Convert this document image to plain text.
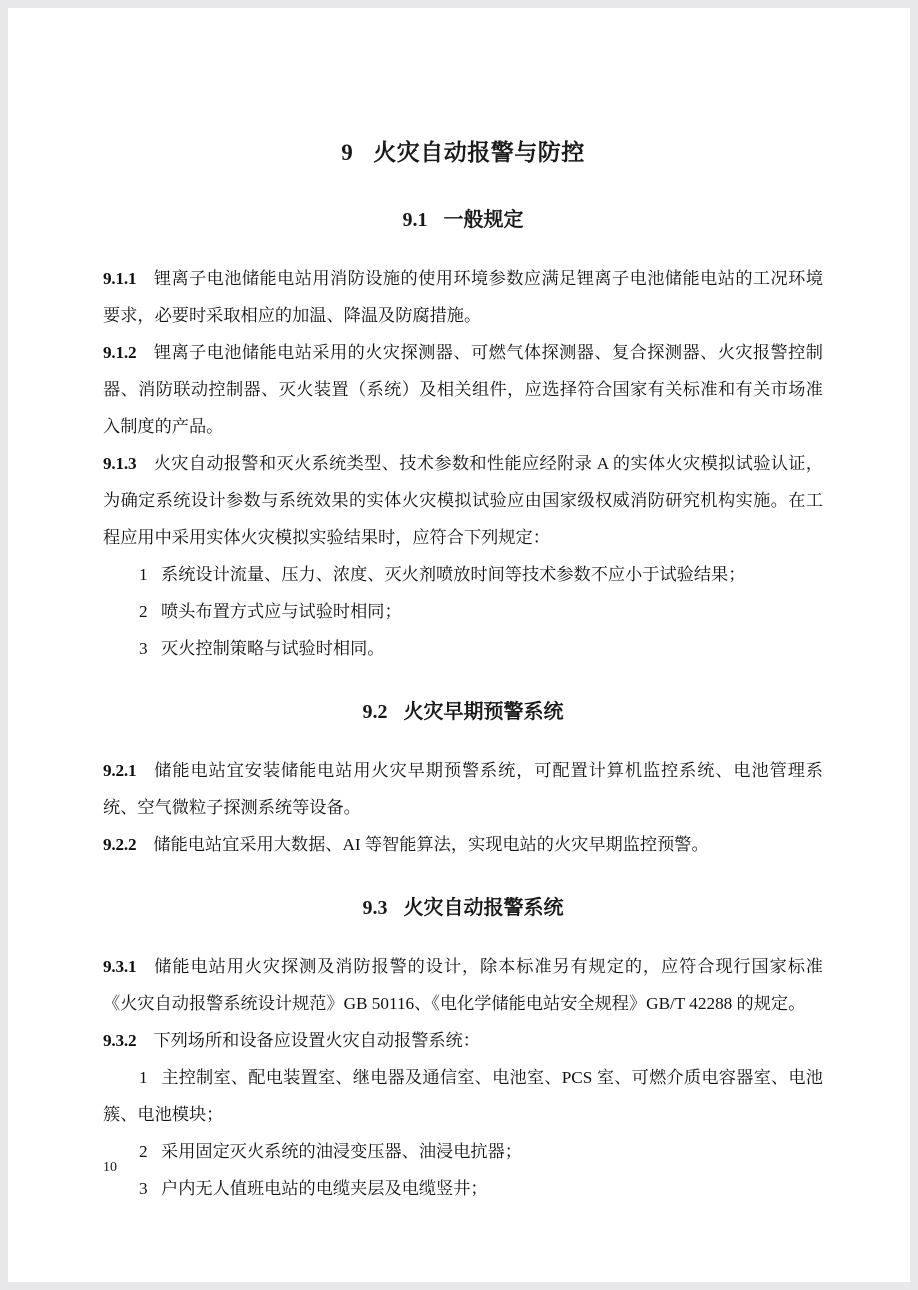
9 火灾自动报警与防控
9.1 一般规定

9.1.1 锂离子电池储能电站用消防设施的使用环境参数应满足锂离子电池储能电站的工况环境要求，必要时采取相应的加温、降温及防腐措施。

9.1.2 锂离子电池储能电站采用的火灾探测器、可燃气体探测器、复合探测器、火灾报警控制器、消防联动控制器、灭火装置（系统）及相关组件，应选择符合国家有关标准和有关市场准入制度的产品。

9.1.3 火灾自动报警和灭火系统类型、技术参数和性能应经附录 A 的实体火灾模拟试验认证，为确定系统设计参数与系统效果的实体火灾模拟试验应由国家级权威消防研究机构实施。在工程应用中采用实体火灾模拟实验结果时，应符合下列规定：

1 系统设计流量、压力、浓度、灭火剂喷放时间等技术参数不应小于试验结果；

2 喷头布置方式应与试验时相同；

3 灭火控制策略与试验时相同。

9.2 火灾早期预警系统

9.2.1 储能电站宜安装储能电站用火灾早期预警系统，可配置计算机监控系统、电池管理系统、空气微粒子探测系统等设备。

9.2.2 储能电站宜采用大数据、AI 等智能算法，实现电站的火灾早期监控预警。

9.3 火灾自动报警系统

9.3.1 储能电站用火灾探测及消防报警的设计，除本标准另有规定的，应符合现行国家标准《火灾自动报警系统设计规范》GB 50116、《电化学储能电站安全规程》GB/T 42288 的规定。

9.3.2 下列场所和设备应设置火灾自动报警系统：

1 主控制室、配电装置室、继电器及通信室、电池室、PCS 室、可燃介质电容器室、电池簇、电池模块；

2 采用固定灭火系统的油浸变压器、油浸电抗器；

3 户内无人值班电站的电缆夹层及电缆竖井；

10
